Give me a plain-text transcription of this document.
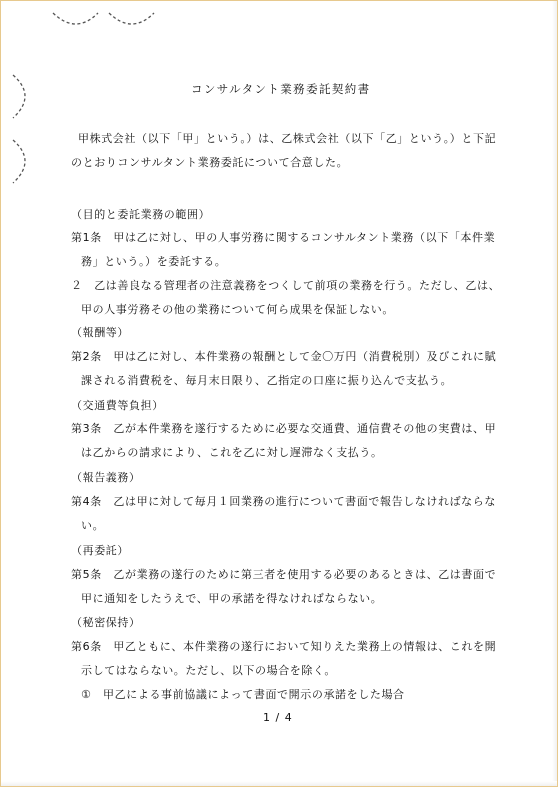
コンサルタント業務委託契約書
甲株式会社（以下「甲」という。）は、乙株式会社（以下「乙」という。）と下記
のとおりコンサルタント業務委託について合意した。
（目的と委託業務の範囲）
第1条　甲は乙に対し、甲の人事労務に関するコンサルタント業務（以下「本件業
務」という。）を委託する。
２　乙は善良なる管理者の注意義務をつくして前項の業務を行う。ただし、乙は、
甲の人事労務その他の業務について何ら成果を保証しない。
（報酬等）
第2条　甲は乙に対し、本件業務の報酬として金〇万円（消費税別）及びこれに賦
課される消費税を、毎月末日限り、乙指定の口座に振り込んで支払う。
（交通費等負担）
第3条　乙が本件業務を遂行するために必要な交通費、通信費その他の実費は、甲
は乙からの請求により、これを乙に対し遅滞なく支払う。
（報告義務）
第4条　乙は甲に対して毎月１回業務の進行について書面で報告しなければならな
い。
（再委託）
第5条　乙が業務の遂行のために第三者を使用する必要のあるときは、乙は書面で
甲に通知をしたうえで、甲の承諾を得なければならない。
（秘密保持）
第6条　甲乙ともに、本件業務の遂行において知りえた業務上の情報は、これを開
示してはならない。ただし、以下の場合を除く。
①　甲乙による事前協議によって書面で開示の承諾をした場合
1 / 4
